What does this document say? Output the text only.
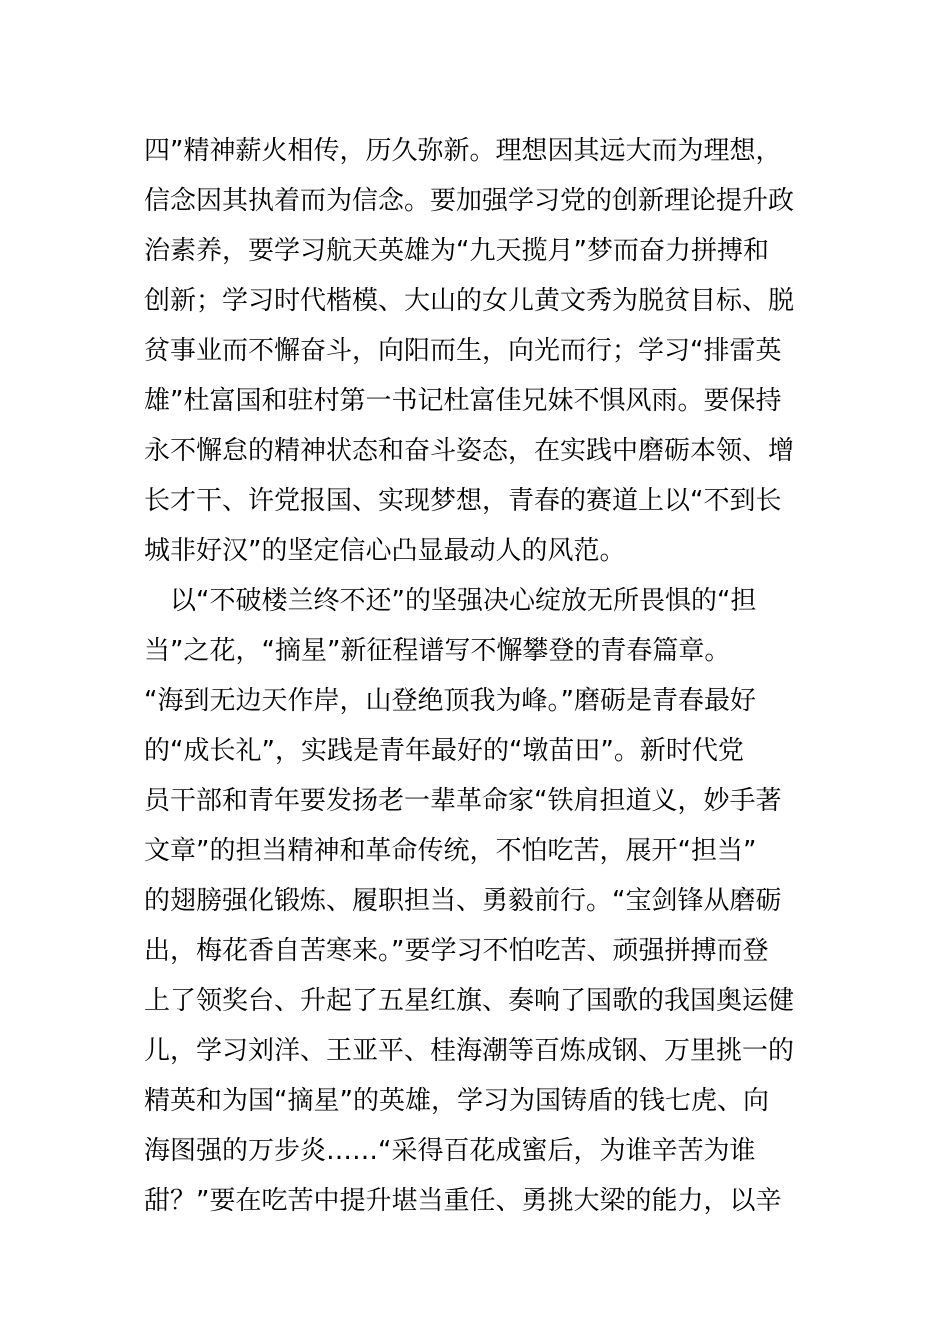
四”精神薪火相传，历久弥新。理想因其远大而为理想，
信念因其执着而为信念。要加强学习党的创新理论提升政
治素养，要学习航天英雄为“九天揽月”梦而奋力拼搏和
创新；学习时代楷模、大山的女儿黄文秀为脱贫目标、脱
贫事业而不懈奋斗，向阳而生，向光而行；学习“排雷英
雄”杜富国和驻村第一书记杜富佳兄妹不惧风雨。要保持
永不懈怠的精神状态和奋斗姿态，在实践中磨砺本领、增
长才干、许党报国、实现梦想，青春的赛道上以“不到长
城非好汉”的坚定信心凸显最动人的风范。
　以“不破楼兰终不还”的坚强决心绽放无所畏惧的“担
当”之花，“摘星”新征程谱写不懈攀登的青春篇章。
“海到无边天作岸，山登绝顶我为峰。”磨砺是青春最好
的“成长礼”，实践是青年最好的“墩苗田”。新时代党
员干部和青年要发扬老一辈革命家“铁肩担道义，妙手著
文章”的担当精神和革命传统，不怕吃苦，展开“担当”
的翅膀强化锻炼、履职担当、勇毅前行。“宝剑锋从磨砺
出，梅花香自苦寒来。”要学习不怕吃苦、顽强拼搏而登
上了领奖台、升起了五星红旗、奏响了国歌的我国奥运健
儿，学习刘洋、王亚平、桂海潮等百炼成钢、万里挑一的
精英和为国“摘星”的英雄，学习为国铸盾的钱七虎、向
海图强的万步炎……“采得百花成蜜后，为谁辛苦为谁
甜？”要在吃苦中提升堪当重任、勇挑大梁的能力，以辛
